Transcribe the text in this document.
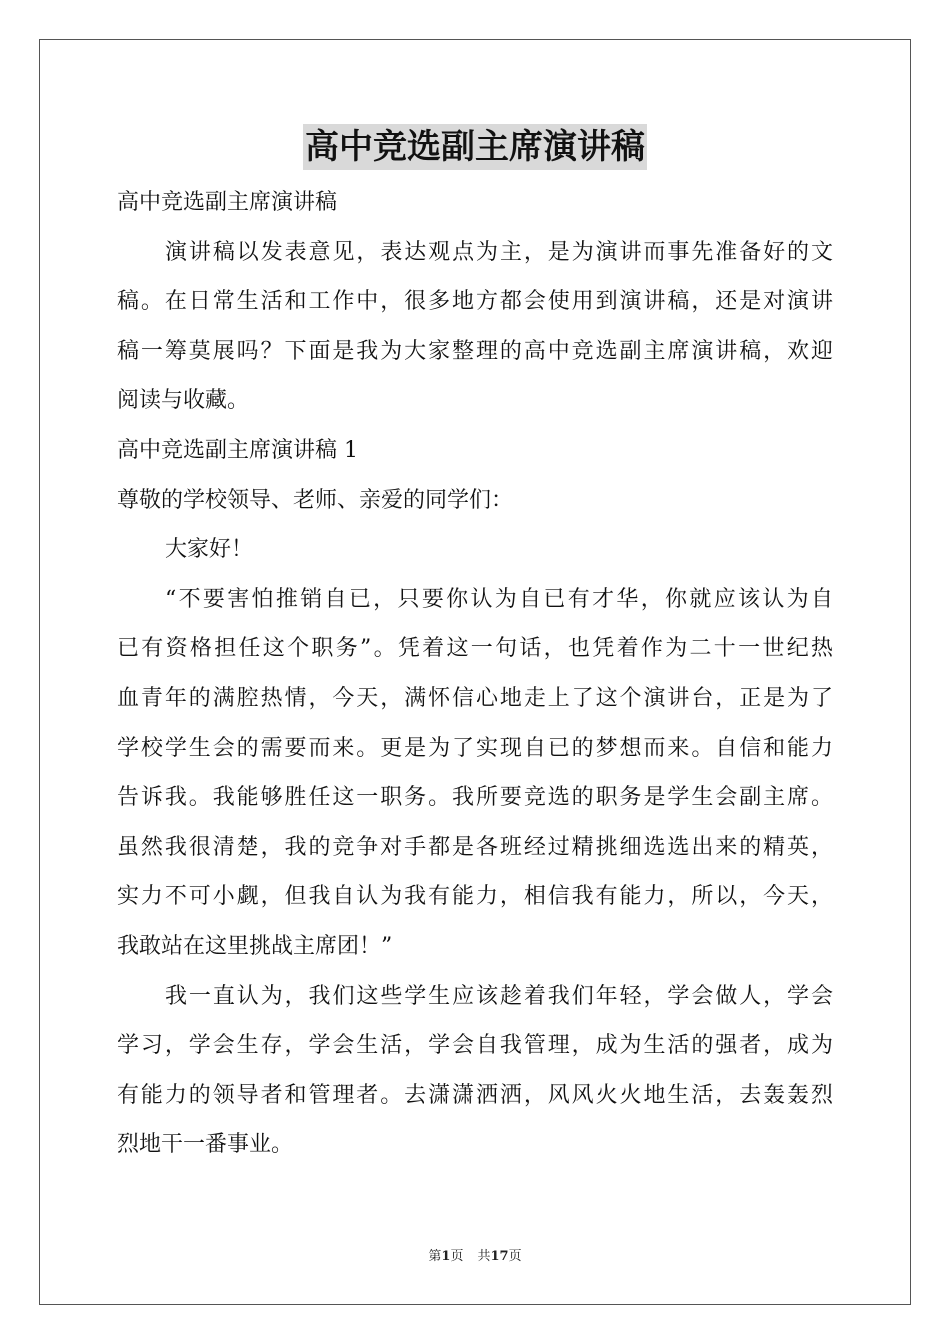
高中竞选副主席演讲稿
高中竞选副主席演讲稿
演讲稿以发表意见，表达观点为主，是为演讲而事先准备好的文
稿。在日常生活和工作中，很多地方都会使用到演讲稿，还是对演讲
稿一筹莫展吗？下面是我为大家整理的高中竞选副主席演讲稿，欢迎
阅读与收藏。
高中竞选副主席演讲稿 1
尊敬的学校领导、老师、亲爱的同学们：
大家好！
“不要害怕推销自已，只要你认为自已有才华，你就应该认为自
已有资格担任这个职务”。凭着这一句话，也凭着作为二十一世纪热
血青年的满腔热情，今天，满怀信心地走上了这个演讲台，正是为了
学校学生会的需要而来。更是为了实现自已的梦想而来。自信和能力
告诉我。我能够胜任这一职务。我所要竞选的职务是学生会副主席。
虽然我很清楚，我的竞争对手都是各班经过精挑细选选出来的精英，
实力不可小觑，但我自认为我有能力，相信我有能力，所以，今天，
我敢站在这里挑战主席团！”
我一直认为，我们这些学生应该趁着我们年轻，学会做人，学会
学习，学会生存，学会生活，学会自我管理，成为生活的强者，成为
有能力的领导者和管理者。去潇潇洒洒，风风火火地生活，去轰轰烈
烈地干一番事业。
第1页 共17页
